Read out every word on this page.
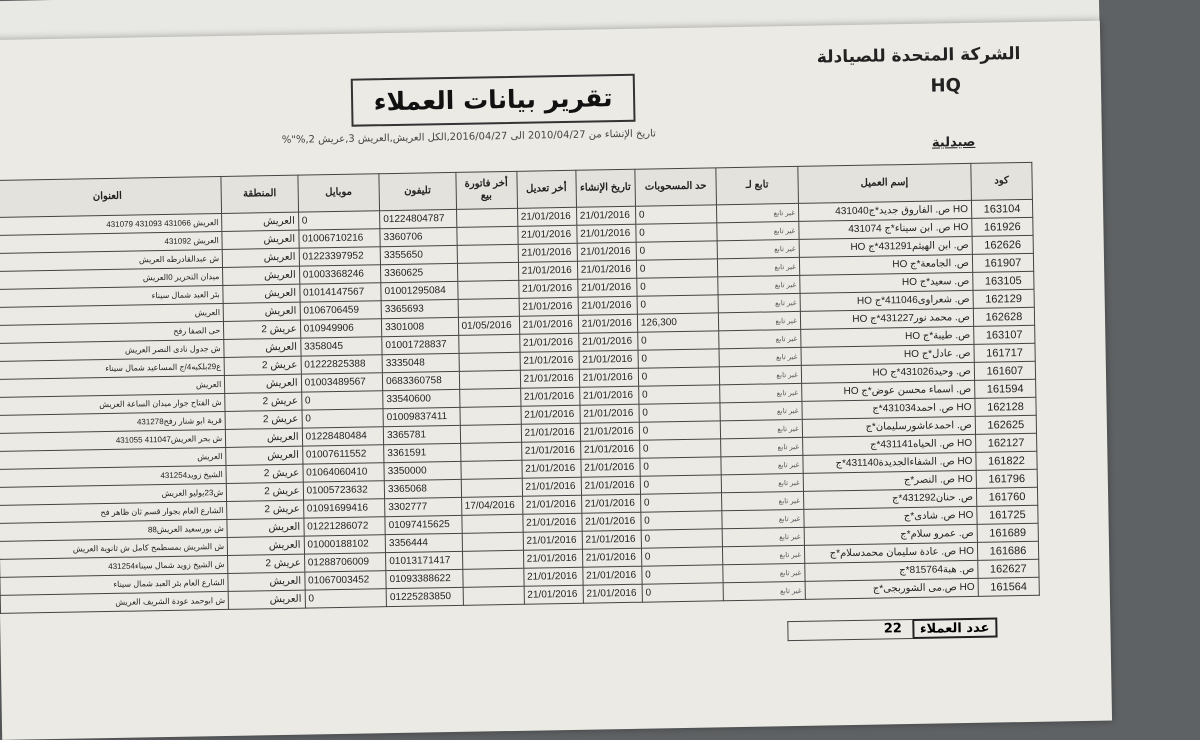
الشركة المتحدة للصيادلة
HQ
تقرير بيانات العملاء
تاريخ الإنشاء من 2010/04/27 الى 2016/04/27,الكل العريش,العريش 3,عريش 2,%"%
صيدلية
كود	إسم العميل	تابع لـ	حد المسحوبات	تاريخ الإنشاء	أخر تعديل	أخر فاتورة بيع	تليفون	موبايل	المنطقة	العنوان
163104	HO ص. الفاروق جديد*ج431040	غير تابع	0	21/01/2016	21/01/2016		01224804787	0	العريش	العريش 431066 431093 431079
161926	HO ص. ابن سيناء*ج 431074	غير تابع	0	21/01/2016	21/01/2016		3360706	01006710216	العريش	العريش 431092
162626	ص. ابن الهيثم431291*ج HO	غير تابع	0	21/01/2016	21/01/2016		3355650	01223397952	العريش	ش عبدالقادرطه العريش
161907	ص. الجامعة*ج HO	غير تابع	0	21/01/2016	21/01/2016		3360625	01003368246	العريش	ميدان التحرير 0العريش
163105	ص. سعيد*ج HO	غير تابع	0	21/01/2016	21/01/2016		01001295084	01014147567	العريش	بئر العبد شمال سيناء
162129	ص. شعراوى411046*ج HO	غير تابع	0	21/01/2016	21/01/2016		3365693	0106706459	العريش	العريش
162628	ص. محمد نور431227*ج HO	غير تابع	126,300	21/01/2016	21/01/2016	01/05/2016	3301008	010949906	عريش 2	حى الصفا رفح
163107	ص. طيبة*ج HO	غير تابع	0	21/01/2016	21/01/2016		01001728837	3358045	العريش	ش جدول نادى النصر العريش
161717	ص. عادل*ج HO	غير تابع	0	21/01/2016	21/01/2016		3335048	01222825388	عريش 2	ع29بلكبه4/ج المساعيد شمال سيناء
161607	ص. وحيد431026*ج HO	غير تابع	0	21/01/2016	21/01/2016		0683360758	01003489567	العريش	العريش
161594	ص. اسماء محسن عوض*ج HO	غير تابع	0	21/01/2016	21/01/2016		33540600	0	عريش 2	ش الفتاح جوار ميدان الساعة العريش
162128	HO ص. احمد431034*ج	غير تابع	0	21/01/2016	21/01/2016		01009837411	0	عريش 2	قرية ابو شنار رفح431278
162625	ص. احمدعاشورسليمان*ج	غير تابع	0	21/01/2016	21/01/2016		3365781	01228480484	العريش	ش بحر العريش411047 431055
162127	HO ص. الحياه431141*ج	غير تابع	0	21/01/2016	21/01/2016		3361591	01007611552	العريش	العريش
161822	HO ص. الشفاءالجديدة431140*ج	غير تابع	0	21/01/2016	21/01/2016		3350000	01064060410	عريش 2	الشيخ زويد431254
161796	HO ص. النصر*ج	غير تابع	0	21/01/2016	21/01/2016		3365068	01005723632	عريش 2	ش23يوليو العريش
161760	ص. حنان431292*ج	غير تابع	0	21/01/2016	21/01/2016	17/04/2016	3302777	01091699416	عريش 2	الشارع العام بجوار قسم ثان ظاهر فح
161725	HO ص. شادى*ج	غير تابع	0	21/01/2016	21/01/2016		01097415625	01221286072	العريش	ش بورسعيد العريش88
161689	ص. عمرو سلام*ج	غير تابع	0	21/01/2016	21/01/2016		3356444	01000188102	العريش	ش الشريش بمسطمح كامل ش ثانوية العريش
161686	HO ص. عادة سليمان محمدسلام*ج	غير تابع	0	21/01/2016	21/01/2016		01013171417	01288706009	عريش 2	ش الشيخ زويد شمال سيناء431254
162627	ص. هبة815764*ج	غير تابع	0	21/01/2016	21/01/2016		01093388622	01067003452	العريش	الشارع العام بئر العبد شمال سيناء
161564	HO ص.مى الشوربجى*ج	غير تابع	0	21/01/2016	21/01/2016		01225283850	0	العريش	ش ابوحمد عودة الشريف العريش
عدد العملاء
22
